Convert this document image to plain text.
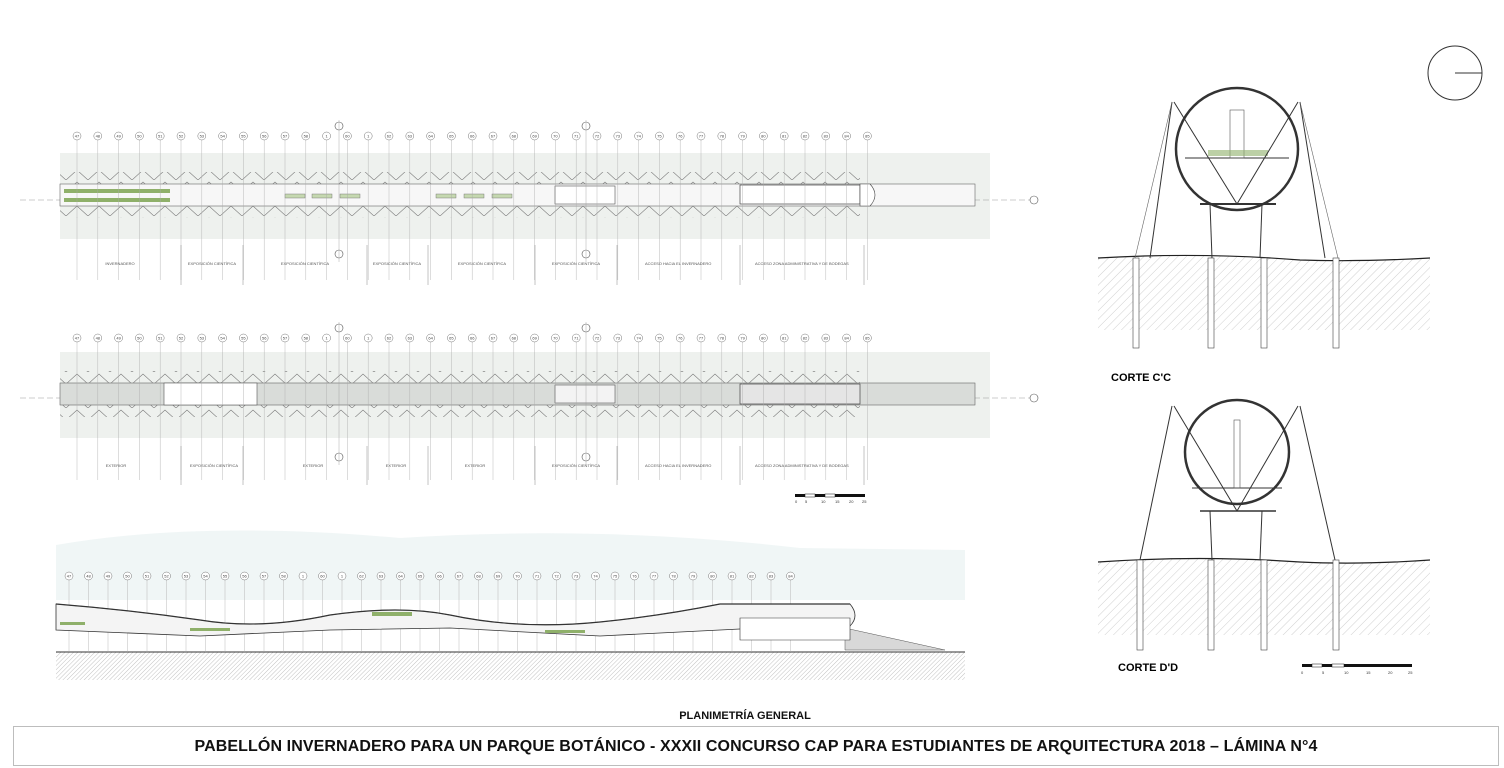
47	48	49	50	51	52	53	54	55	56	57	58	1	60	1	62	63	64	65	66	67	68	69	70	71	72	73	74	75	76	77	78	79	80	81	82	83	84	85
INVERNADERO	EXPOSICIÓN CIENTÍFICA	EXPOSICIÓN CIENTÍFICA	EXPOSICIÓN CIENTÍFICA	EXPOSICIÓN CIENTÍFICA	EXPOSICIÓN CIENTÍFICA	ACCESO HACIA EL INVERNADERO	ACCESO ZONA ADMINISTRATIVA Y DE BODEGAS
47	48	49	50	51	52	53	54	55	56	57	58	1	60	1	62	63	64	65	66	67	68	69	70	71	72	73	74	75	76	77	78	79	80	81	82	83	84	85
EXTERIOR	EXPOSICIÓN CIENTÍFICA	EXTERIOR	EXTERIOR	EXTERIOR	EXPOSICIÓN CIENTÍFICA	ACCESO HACIA EL INVERNADERO	ACCESO ZONA ADMINISTRATIVA Y DE BODEGAS
0 5	10 15 20 25
47	48	49	50	51	52	53	54	55	56	57	58	1	60	1	62	63	64	65	66	67	68	69	70	71	72	73	74	75	76	77	78	79	80	81	82	83	84
CORTE C'C
CORTE D'D	0	5	10	15	20	25
PLANIMETRÍA GENERAL
PABELLÓN INVERNADERO PARA UN PARQUE BOTÁNICO - XXXII CONCURSO CAP PARA ESTUDIANTES DE ARQUITECTURA 2018 – LÁMINA N°4
